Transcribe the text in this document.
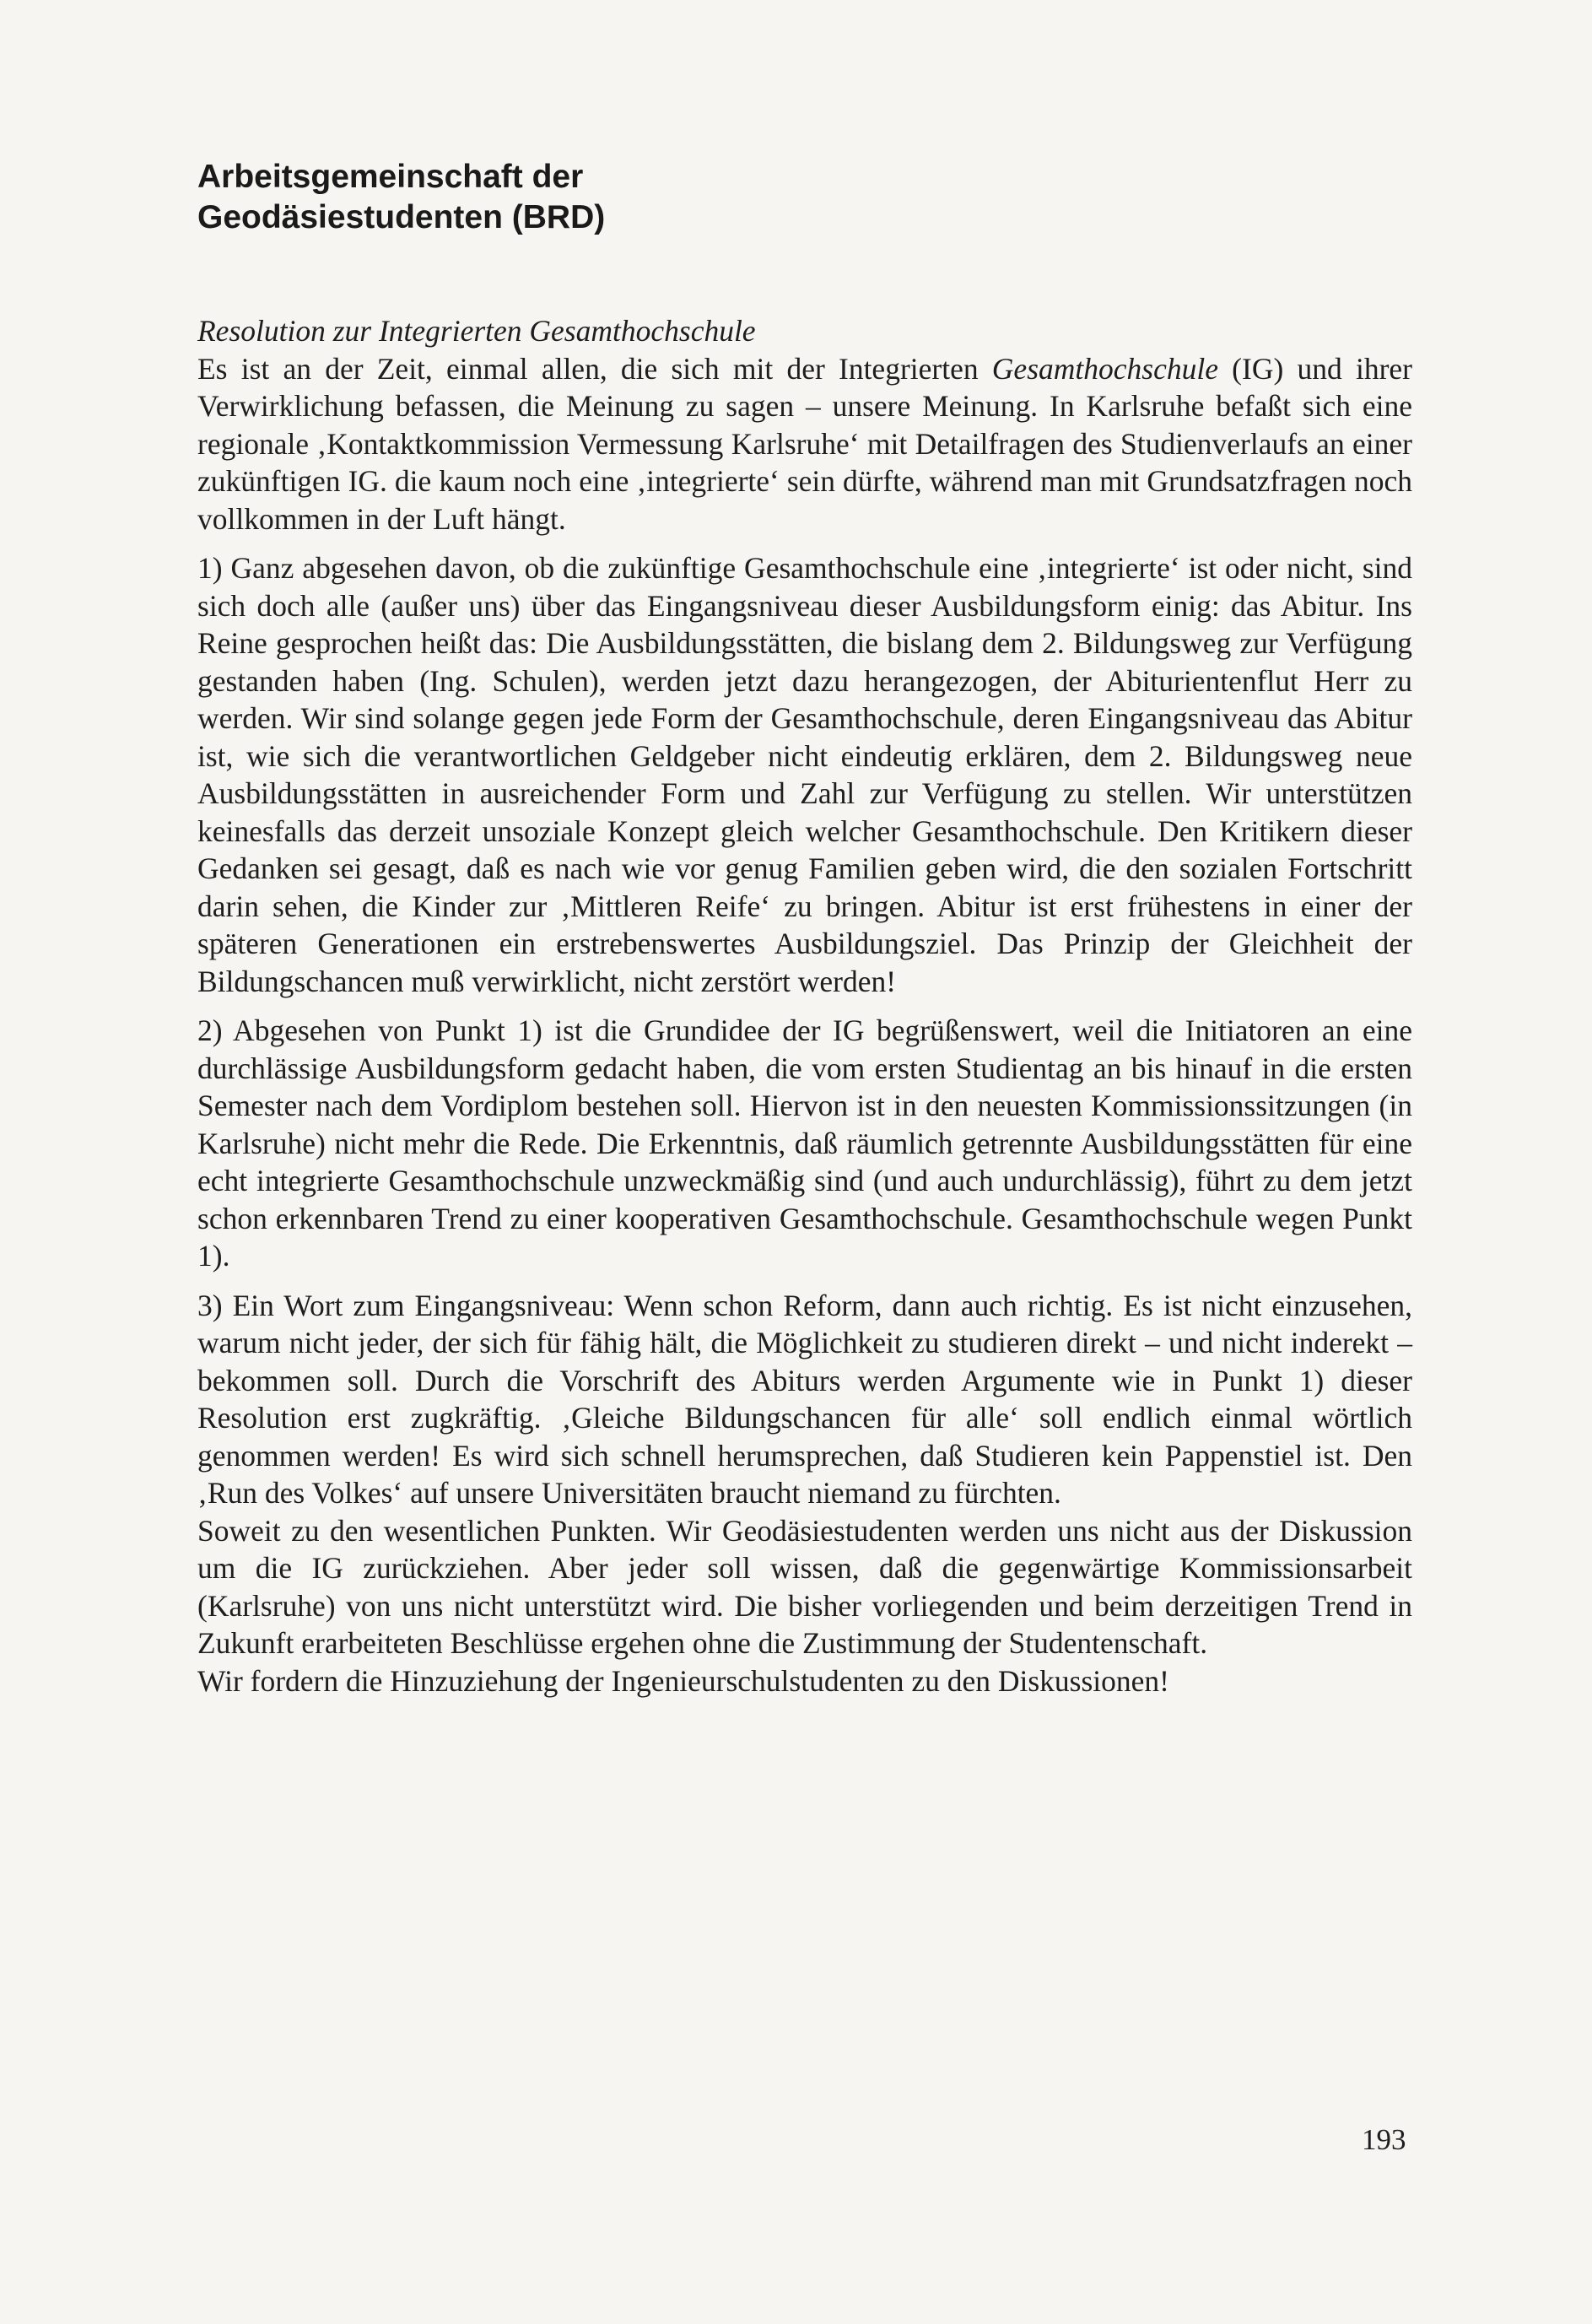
Arbeitsgemeinschaft der
Geodäsiestudenten (BRD)

Resolution zur Integrierten Gesamthochschule

Es ist an der Zeit, einmal allen, die sich mit der Integrierten Gesamthochschule (IG) und ihrer Verwirklichung befassen, die Meinung zu sagen – unsere Meinung. In Karlsruhe befaßt sich eine regionale ‚Kontaktkommission Vermessung Karlsruhe‘ mit Detailfragen des Studienverlaufs an einer zukünftigen IG. die kaum noch eine ‚integrierte‘ sein dürfte, während man mit Grundsatzfragen noch vollkommen in der Luft hängt.

1) Ganz abgesehen davon, ob die zukünftige Gesamthochschule eine ‚integrierte‘ ist oder nicht, sind sich doch alle (außer uns) über das Eingangsniveau dieser Ausbildungsform einig: das Abitur. Ins Reine gesprochen heißt das: Die Ausbildungsstätten, die bislang dem 2. Bildungsweg zur Verfügung gestanden haben (Ing. Schulen), werden jetzt dazu herangezogen, der Abiturientenflut Herr zu werden. Wir sind solange gegen jede Form der Gesamthochschule, deren Eingangsniveau das Abitur ist, wie sich die verantwortlichen Geldgeber nicht eindeutig erklären, dem 2. Bildungsweg neue Ausbildungsstätten in ausreichender Form und Zahl zur Verfügung zu stellen. Wir unterstützen keinesfalls das derzeit unsoziale Konzept gleich welcher Gesamthochschule. Den Kritikern dieser Gedanken sei gesagt, daß es nach wie vor genug Familien geben wird, die den sozialen Fortschritt darin sehen, die Kinder zur ‚Mittleren Reife‘ zu bringen. Abitur ist erst frühestens in einer der späteren Generationen ein erstrebenswertes Ausbildungsziel. Das Prinzip der Gleichheit der Bildungschancen muß verwirklicht, nicht zerstört werden!

2) Abgesehen von Punkt 1) ist die Grundidee der IG begrüßenswert, weil die Initiatoren an eine durchlässige Ausbildungsform gedacht haben, die vom ersten Studientag an bis hinauf in die ersten Semester nach dem Vordiplom bestehen soll. Hiervon ist in den neuesten Kommissionssitzungen (in Karlsruhe) nicht mehr die Rede. Die Erkenntnis, daß räumlich getrennte Ausbildungsstätten für eine echt integrierte Gesamthochschule unzweckmäßig sind (und auch undurchlässig), führt zu dem jetzt schon erkennbaren Trend zu einer kooperativen Gesamthochschule. Gesamthochschule wegen Punkt 1).

3) Ein Wort zum Eingangsniveau: Wenn schon Reform, dann auch richtig. Es ist nicht einzusehen, warum nicht jeder, der sich für fähig hält, die Möglichkeit zu studieren direkt – und nicht inderekt – bekommen soll. Durch die Vorschrift des Abiturs werden Argumente wie in Punkt 1) dieser Resolution erst zugkräftig. ‚Gleiche Bildungschancen für alle‘ soll endlich einmal wörtlich genommen werden! Es wird sich schnell herumsprechen, daß Studieren kein Pappenstiel ist. Den ‚Run des Volkes‘ auf unsere Universitäten braucht niemand zu fürchten.

Soweit zu den wesentlichen Punkten. Wir Geodäsiestudenten werden uns nicht aus der Diskussion um die IG zurückziehen. Aber jeder soll wissen, daß die gegenwärtige Kommissionsarbeit (Karlsruhe) von uns nicht unterstützt wird. Die bisher vorliegenden und beim derzeitigen Trend in Zukunft erarbeiteten Beschlüsse ergehen ohne die Zustimmung der Studentenschaft.

Wir fordern die Hinzuziehung der Ingenieurschulstudenten zu den Diskussionen!

193
